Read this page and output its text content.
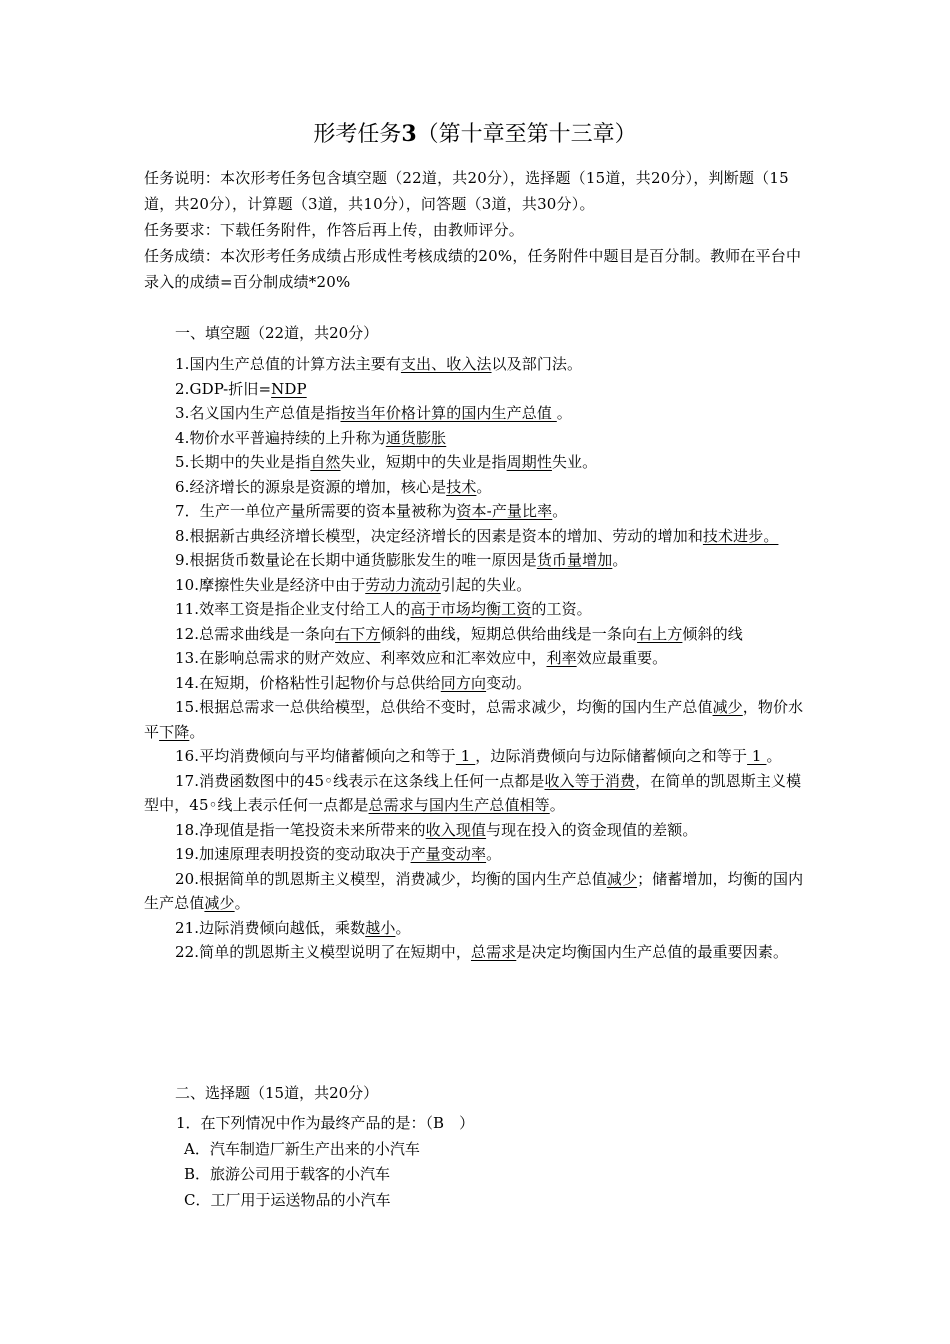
形考任务3（第十章至第十三章）

任务说明：本次形考任务包含填空题（22道，共20分），选择题（15道，共20分），判断题（15道，共20分），计算题（3道，共10分），问答题（3道，共30分）。

任务要求：下载任务附件，作答后再上传，由教师评分。

任务成绩：本次形考任务成绩占形成性考核成绩的20%，任务附件中题目是百分制。教师在平台中录入的成绩=百分制成绩*20%

一、填空题（22道，共20分）

1.国内生产总值的计算方法主要有支出、收入法以及部门法。

2.GDP-折旧=NDP

3.名义国内生产总值是指按当年价格计算的国内生产总值 。

4.物价水平普遍持续的上升称为通货膨胀

5.长期中的失业是指自然失业，短期中的失业是指周期性失业。

6.经济增长的源泉是资源的增加，核心是技术。

7．生产一单位产量所需要的资本量被称为资本-产量比率。

8.根据新古典经济增长模型，决定经济增长的因素是资本的增加、劳动的增加和技术进步。

9.根据货币数量论在长期中通货膨胀发生的唯一原因是货币量增加。

10.摩擦性失业是经济中由于劳动力流动引起的失业。

11.效率工资是指企业支付给工人的高于市场均衡工资的工资。

12.总需求曲线是一条向右下方倾斜的曲线，短期总供给曲线是一条向右上方倾斜的线

13.在影响总需求的财产效应、利率效应和汇率效应中，利率效应最重要。

14.在短期，价格粘性引起物价与总供给同方向变动。

15.根据总需求一总供给模型，总供给不变时，总需求减少，均衡的国内生产总值减少，物价水平下降。

16.平均消费倾向与平均储蓄倾向之和等于 1 ，边际消费倾向与边际储蓄倾向之和等于 1 。

17.消费函数图中的45◦线表示在这条线上任何一点都是收入等于消费，在简单的凯恩斯主义模型中，45◦线上表示任何一点都是总需求与国内生产总值相等。

18.净现值是指一笔投资未来所带来的收入现值与现在投入的资金现值的差额。

19.加速原理表明投资的变动取决于产量变动率。

20.根据简单的凯恩斯主义模型，消费减少，均衡的国内生产总值减少；储蓄增加，均衡的国内生产总值减少。

21.边际消费倾向越低，乘数越小。

22.简单的凯恩斯主义模型说明了在短期中，总需求是决定均衡国内生产总值的最重要因素。

二、选择题（15道，共20分）

1．在下列情况中作为最终产品的是：（B　）

A．汽车制造厂新生产出来的小汽车

B．旅游公司用于载客的小汽车

C．工厂用于运送物品的小汽车
